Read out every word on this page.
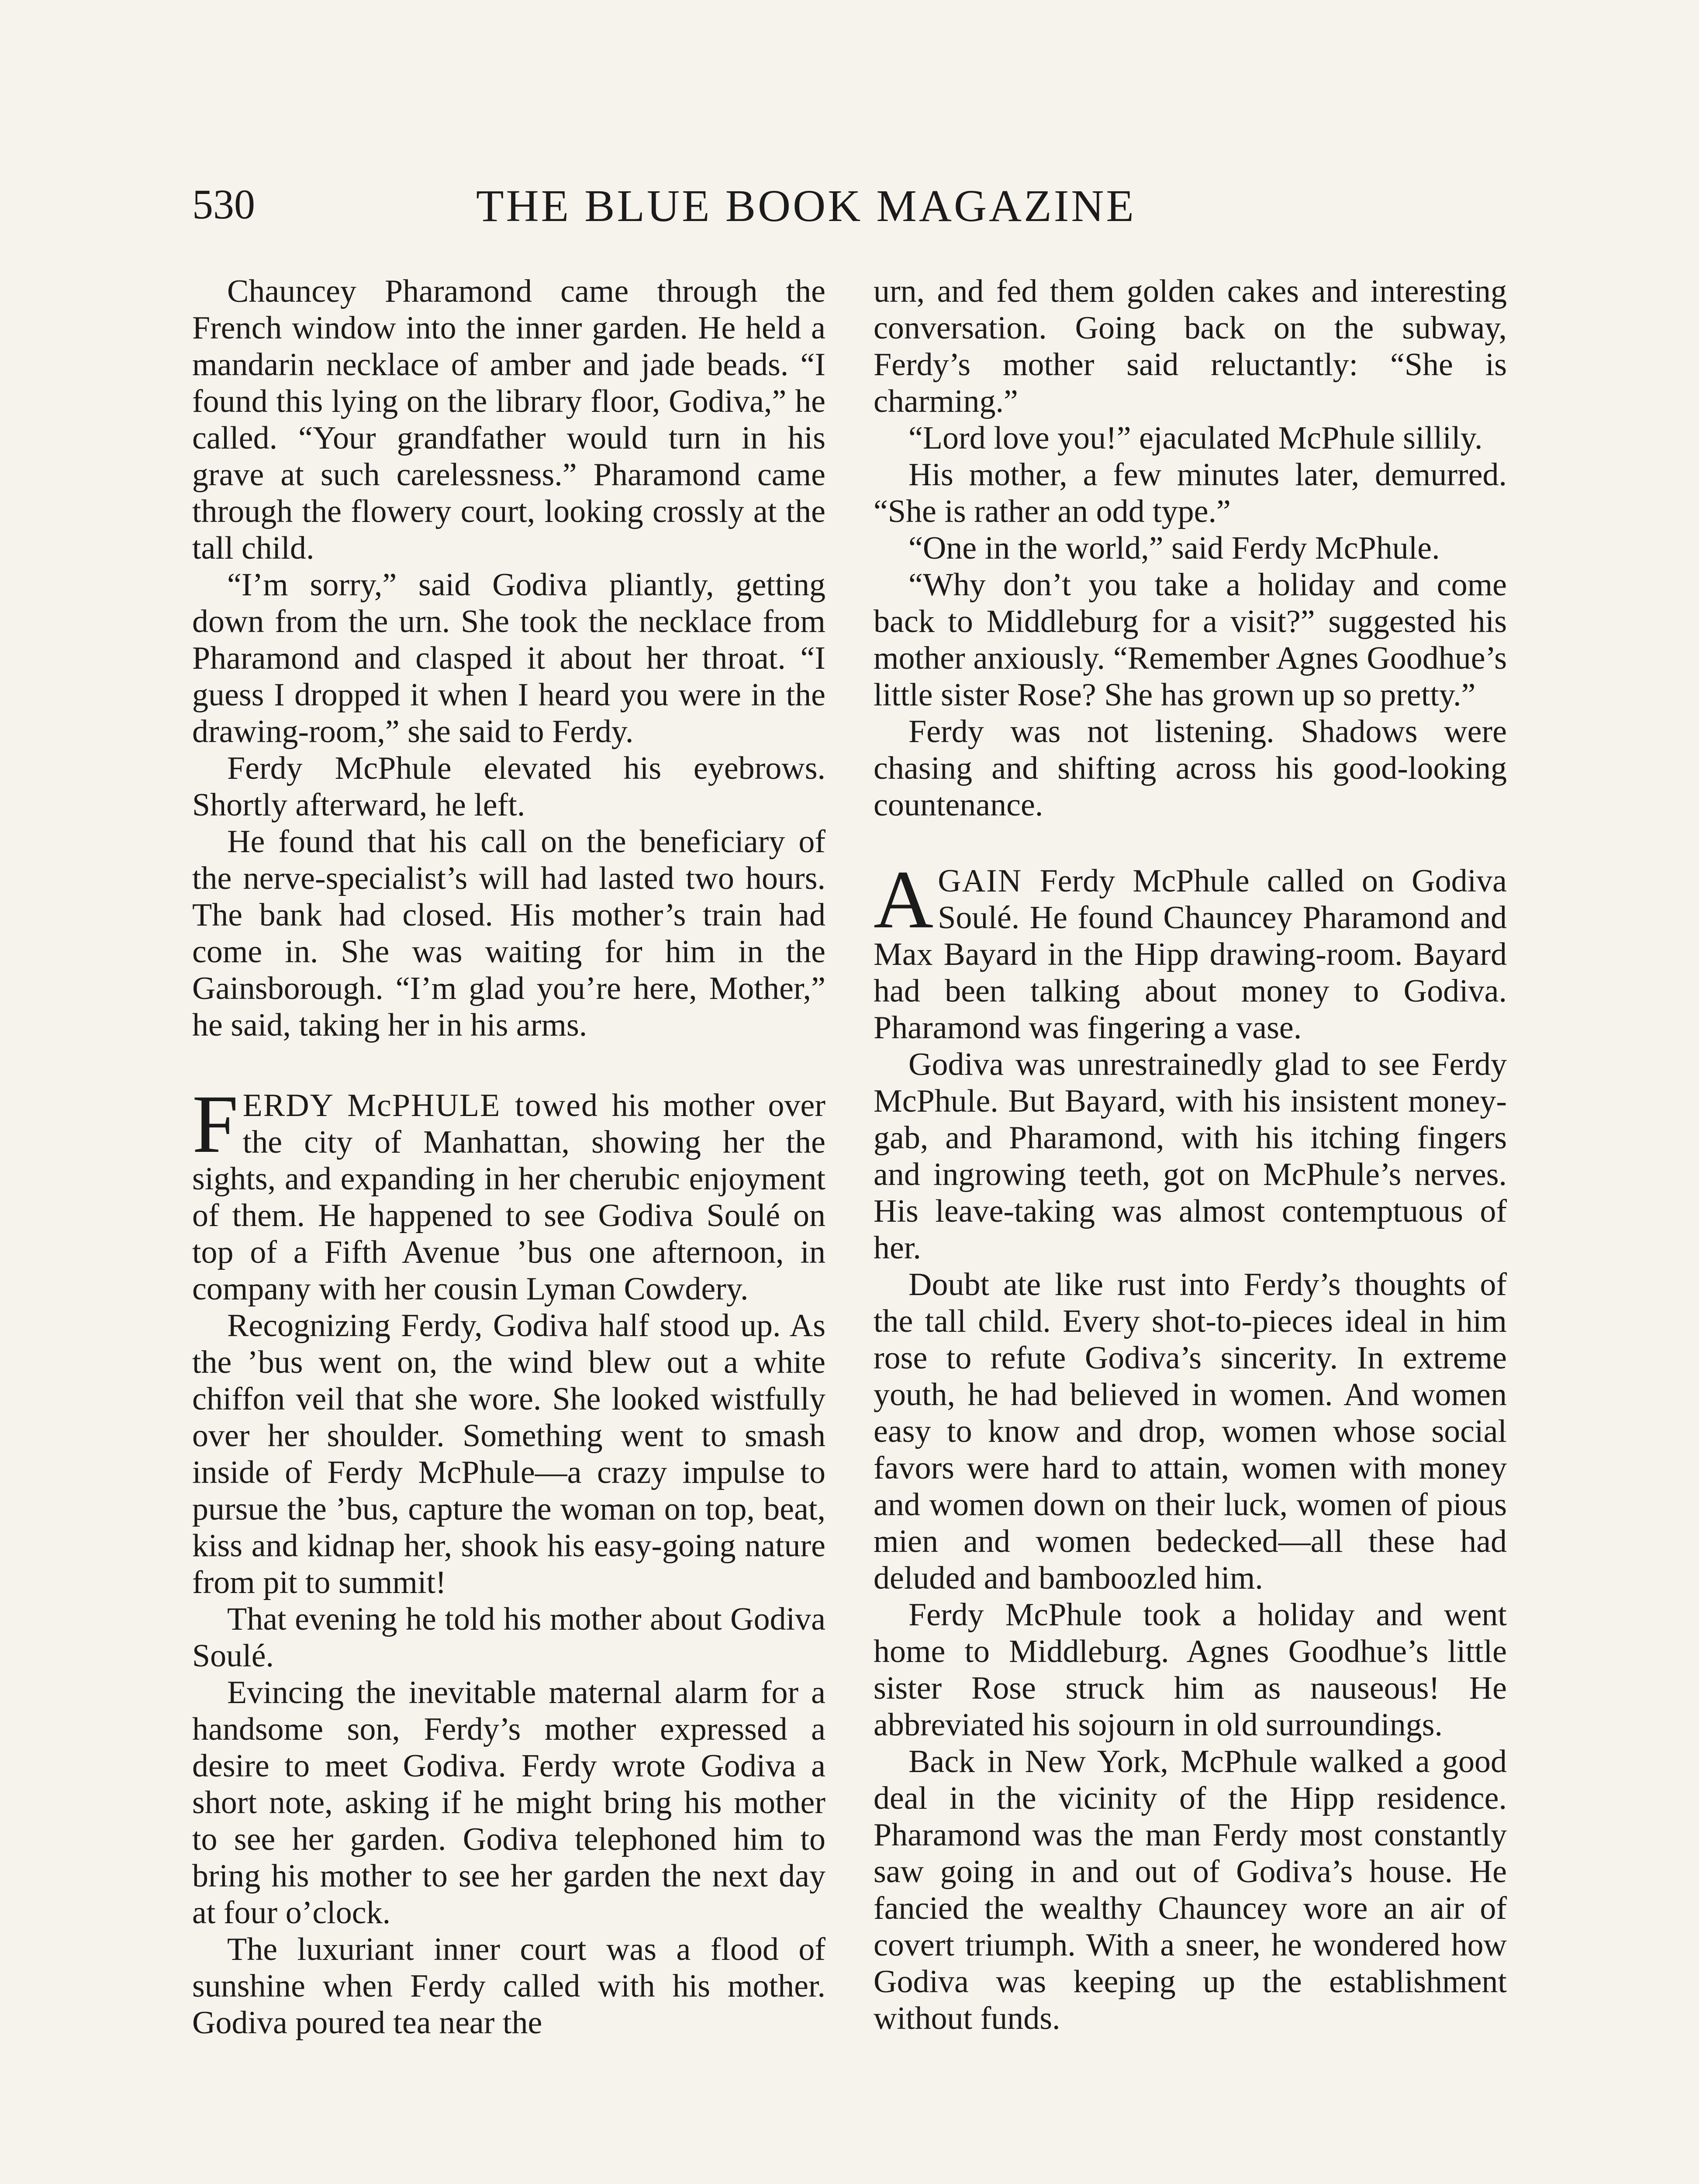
530	THE BLUE BOOK MAGAZINE

Chauncey Pharamond came through the French window into the inner garden. He held a mandarin necklace of amber and jade beads. “I found this lying on the library floor, Godiva,” he called. “Your grandfather would turn in his grave at such carelessness.” Pharamond came through the flowery court, looking crossly at the tall child.

“I’m sorry,” said Godiva pliantly, getting down from the urn. She took the necklace from Pharamond and clasped it about her throat. “I guess I dropped it when I heard you were in the drawing-room,” she said to Ferdy.

Ferdy McPhule elevated his eyebrows. Shortly afterward, he left.

He found that his call on the beneficiary of the nerve-specialist’s will had lasted two hours. The bank had closed. His mother’s train had come in. She was waiting for him in the Gainsborough. “I’m glad you’re here, Mother,” he said, taking her in his arms.

FERDY McPHULE towed his mother over the city of Manhattan, showing her the sights, and expanding in her cherubic enjoyment of them. He happened to see Godiva Soulé on top of a Fifth Avenue ’bus one afternoon, in company with her cousin Lyman Cowdery.

Recognizing Ferdy, Godiva half stood up. As the ’bus went on, the wind blew out a white chiffon veil that she wore. She looked wistfully over her shoulder. Something went to smash inside of Ferdy McPhule—a crazy impulse to pursue the ’bus, capture the woman on top, beat, kiss and kidnap her, shook his easy-going nature from pit to summit!

That evening he told his mother about Godiva Soulé.

Evincing the inevitable maternal alarm for a handsome son, Ferdy’s mother expressed a desire to meet Godiva. Ferdy wrote Godiva a short note, asking if he might bring his mother to see her garden. Godiva telephoned him to bring his mother to see her garden the next day at four o’clock.

The luxuriant inner court was a flood of sunshine when Ferdy called with his mother. Godiva poured tea near the

urn, and fed them golden cakes and interesting conversation. Going back on the subway, Ferdy’s mother said reluctantly: “She is charming.”

“Lord love you!” ejaculated McPhule sillily.

His mother, a few minutes later, demurred. “She is rather an odd type.”

“One in the world,” said Ferdy McPhule.

“Why don’t you take a holiday and come back to Middleburg for a visit?” suggested his mother anxiously. “Remember Agnes Goodhue’s little sister Rose? She has grown up so pretty.”

Ferdy was not listening. Shadows were chasing and shifting across his good-looking countenance.

AGAIN Ferdy McPhule called on Godiva Soulé. He found Chauncey Pharamond and Max Bayard in the Hipp drawing-room. Bayard had been talking about money to Godiva. Pharamond was fingering a vase.

Godiva was unrestrainedly glad to see Ferdy McPhule. But Bayard, with his insistent money-gab, and Pharamond, with his itching fingers and ingrowing teeth, got on McPhule’s nerves. His leave-taking was almost contemptuous of her.

Doubt ate like rust into Ferdy’s thoughts of the tall child. Every shot-to-pieces ideal in him rose to refute Godiva’s sincerity. In extreme youth, he had believed in women. And women easy to know and drop, women whose social favors were hard to attain, women with money and women down on their luck, women of pious mien and women bedecked—all these had deluded and bamboozled him.

Ferdy McPhule took a holiday and went home to Middleburg. Agnes Goodhue’s little sister Rose struck him as nauseous! He abbreviated his sojourn in old surroundings.

Back in New York, McPhule walked a good deal in the vicinity of the Hipp residence. Pharamond was the man Ferdy most constantly saw going in and out of Godiva’s house. He fancied the wealthy Chauncey wore an air of covert triumph. With a sneer, he wondered how Godiva was keeping up the establishment without funds.
